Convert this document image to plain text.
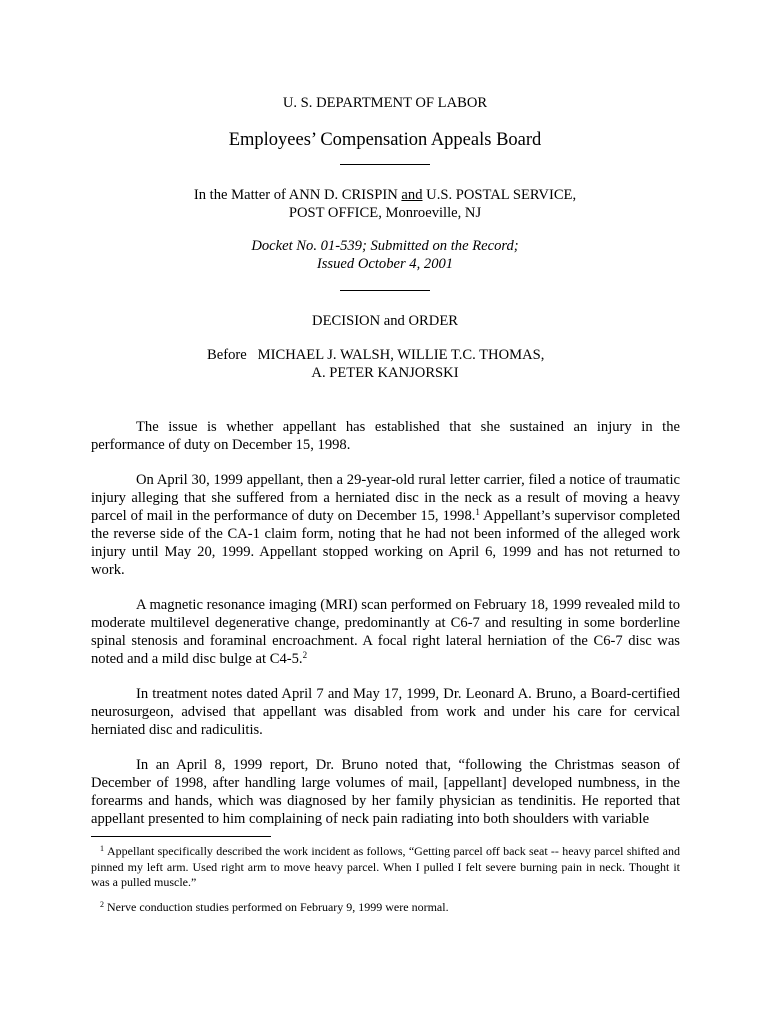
U. S. DEPARTMENT OF LABOR
Employees’ Compensation Appeals Board
In the Matter of ANN D. CRISPIN and U.S. POSTAL SERVICE,
POST OFFICE, Monroeville, NJ
Docket No. 01-539; Submitted on the Record;
Issued October 4, 2001
DECISION and ORDER
Before   MICHAEL J. WALSH, WILLIE T.C. THOMAS,
A. PETER KANJORSKI

The issue is whether appellant has established that she sustained an injury in the performance of duty on December 15, 1998.

On April 30, 1999 appellant, then a 29-year-old rural letter carrier, filed a notice of traumatic injury alleging that she suffered from a herniated disc in the neck as a result of moving a heavy parcel of mail in the performance of duty on December 15, 1998.$^1$ Appellant’s supervisor completed the reverse side of the CA-1 claim form, noting that he had not been informed of the alleged work injury until May 20, 1999. Appellant stopped working on April 6, 1999 and has not returned to work.

A magnetic resonance imaging (MRI) scan performed on February 18, 1999 revealed mild to moderate multilevel degenerative change, predominantly at C6-7 and resulting in some borderline spinal stenosis and foraminal encroachment. A focal right lateral herniation of the C6-7 disc was noted and a mild disc bulge at C4-5.$^2$

In treatment notes dated April 7 and May 17, 1999, Dr. Leonard A. Bruno, a Board-certified neurosurgeon, advised that appellant was disabled from work and under his care for cervical herniated disc and radiculitis.

In an April 8, 1999 report, Dr. Bruno noted that, “following the Christmas season of December of 1998, after handling large volumes of mail, [appellant] developed numbness, in the forearms and hands, which was diagnosed by her family physician as tendinitis. He reported that appellant presented to him complaining of neck pain radiating into both shoulders with variable

$^1$ Appellant specifically described the work incident as follows, “Getting parcel off back seat -- heavy parcel shifted and pinned my left arm. Used right arm to move heavy parcel. When I pulled I felt severe burning pain in neck. Thought it was a pulled muscle.”

$^2$ Nerve conduction studies performed on February 9, 1999 were normal.
